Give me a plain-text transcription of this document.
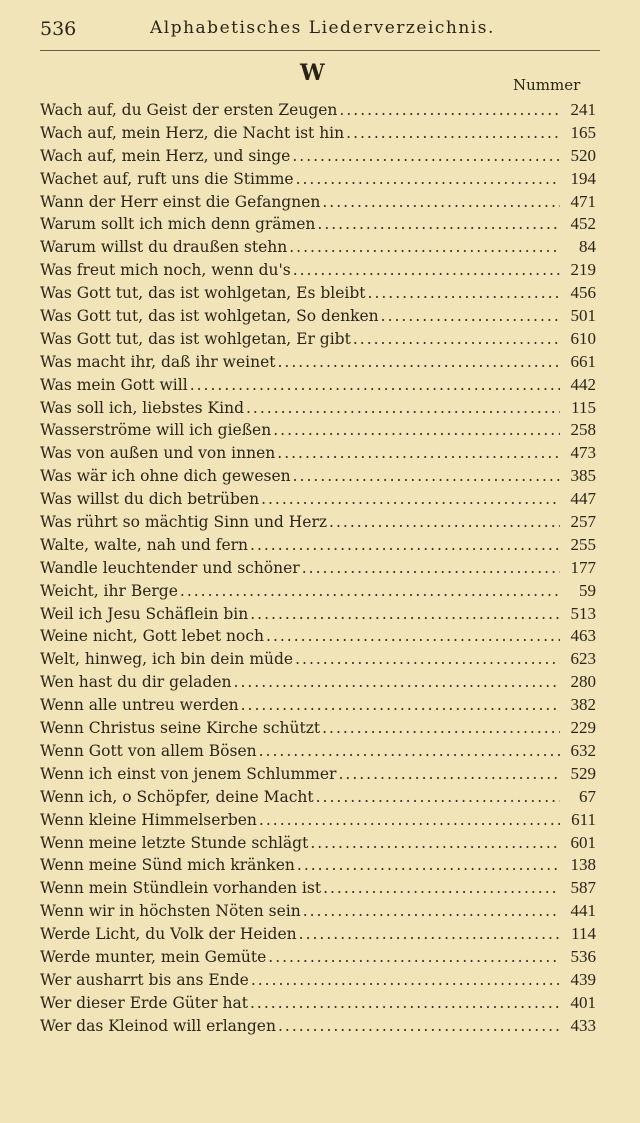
536	Alphabetisches Liederverzeichnis.
W	Nummer
Wach auf, du Geist der ersten Zeugen .....	241
Wach auf, mein Herz, die Nacht ist hin .....	165
Wach auf, mein Herz, und singe .....	520
Wachet auf, ruft uns die Stimme .....	194
Wann der Herr einst die Gefangnen .....	471
Warum sollt ich mich denn grämen .....	452
Warum willst du draußen stehn .....	84
Was freut mich noch, wenn du's .....	219
Was Gott tut, das ist wohlgetan, Es bleibt .....	456
Was Gott tut, das ist wohlgetan, So denken .....	501
Was Gott tut, das ist wohlgetan, Er gibt .....	610
Was macht ihr, daß ihr weinet .....	661
Was mein Gott will .....	442
Was soll ich, liebstes Kind .....	115
Wasserströme will ich gießen .....	258
Was von außen und von innen .....	473
Was wär ich ohne dich gewesen .....	385
Was willst du dich betrüben .....	447
Was rührt so mächtig Sinn und Herz .....	257
Walte, walte, nah und fern .....	255
Wandle leuchtender und schöner .....	177
Weicht, ihr Berge .....	59
Weil ich Jesu Schäflein bin .....	513
Weine nicht, Gott lebet noch .....	463
Welt, hinweg, ich bin dein müde .....	623
Wen hast du dir geladen .....	280
Wenn alle untreu werden .....	382
Wenn Christus seine Kirche schützt .....	229
Wenn Gott von allem Bösen .....	632
Wenn ich einst von jenem Schlummer .....	529
Wenn ich, o Schöpfer, deine Macht .....	67
Wenn kleine Himmelserben .....	611
Wenn meine letzte Stunde schlägt .....	601
Wenn meine Sünd mich kränken .....	138
Wenn mein Stündlein vorhanden ist .....	587
Wenn wir in höchsten Nöten sein .....	441
Werde Licht, du Volk der Heiden .....	114
Werde munter, mein Gemüte .....	536
Wer ausharrt bis ans Ende .....	439
Wer dieser Erde Güter hat .....	401
Wer das Kleinod will erlangen .....	433
